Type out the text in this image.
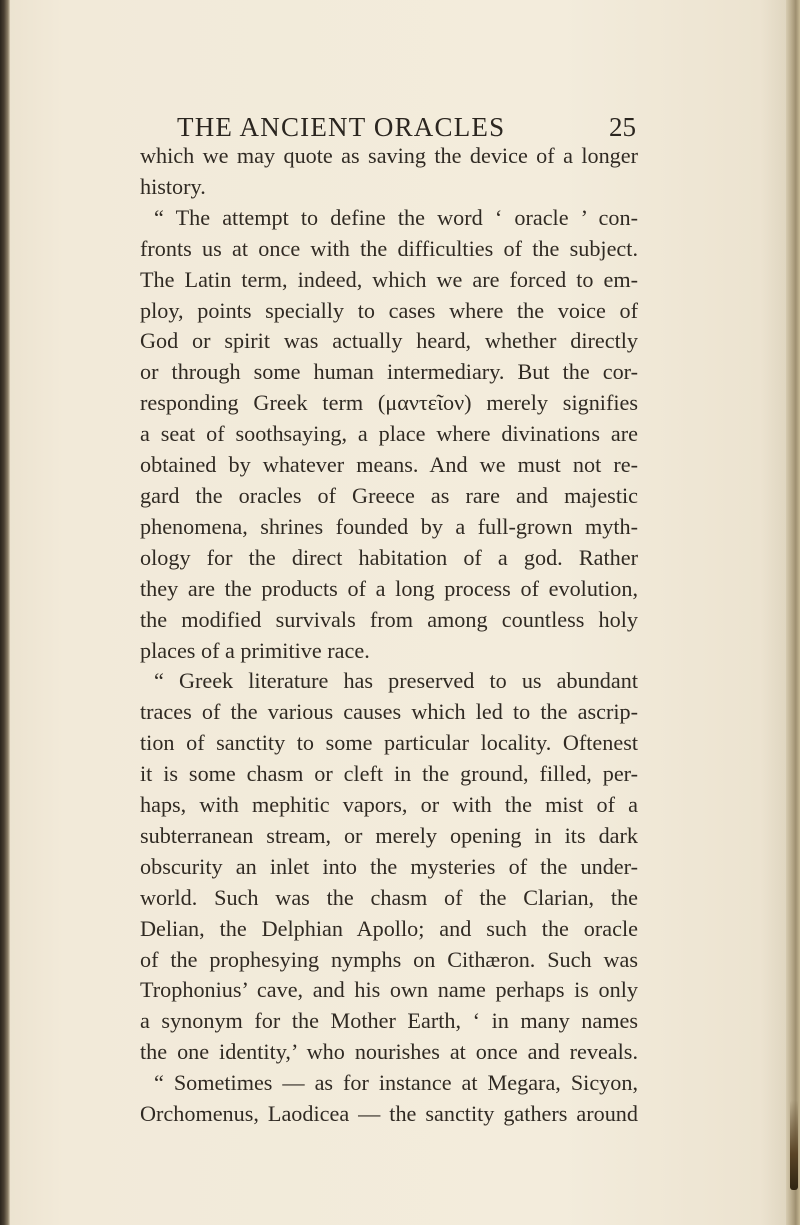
THE ANCIENT ORACLES	25
which we may quote as saving the device of a longer
history.
“ The attempt to define the word ‘ oracle ’ con-
fronts us at once with the difficulties of the subject.
The Latin term, indeed, which we are forced to em-
ploy, points specially to cases where the voice of
God or spirit was actually heard, whether directly
or through some human intermediary. But the cor-
responding Greek term (μαντεῖον) merely signifies
a seat of soothsaying, a place where divinations are
obtained by whatever means. And we must not re-
gard the oracles of Greece as rare and majestic
phenomena, shrines founded by a full-grown myth-
ology for the direct habitation of a god. Rather
they are the products of a long process of evolution,
the modified survivals from among countless holy
places of a primitive race.
“ Greek literature has preserved to us abundant
traces of the various causes which led to the ascrip-
tion of sanctity to some particular locality. Oftenest
it is some chasm or cleft in the ground, filled, per-
haps, with mephitic vapors, or with the mist of a
subterranean stream, or merely opening in its dark
obscurity an inlet into the mysteries of the under-
world. Such was the chasm of the Clarian, the
Delian, the Delphian Apollo; and such the oracle
of the prophesying nymphs on Cithæron. Such was
Trophonius’ cave, and his own name perhaps is only
a synonym for the Mother Earth, ‘ in many names
the one identity,’ who nourishes at once and reveals.
“ Sometimes — as for instance at Megara, Sicyon,
Orchomenus, Laodicea — the sanctity gathers around
